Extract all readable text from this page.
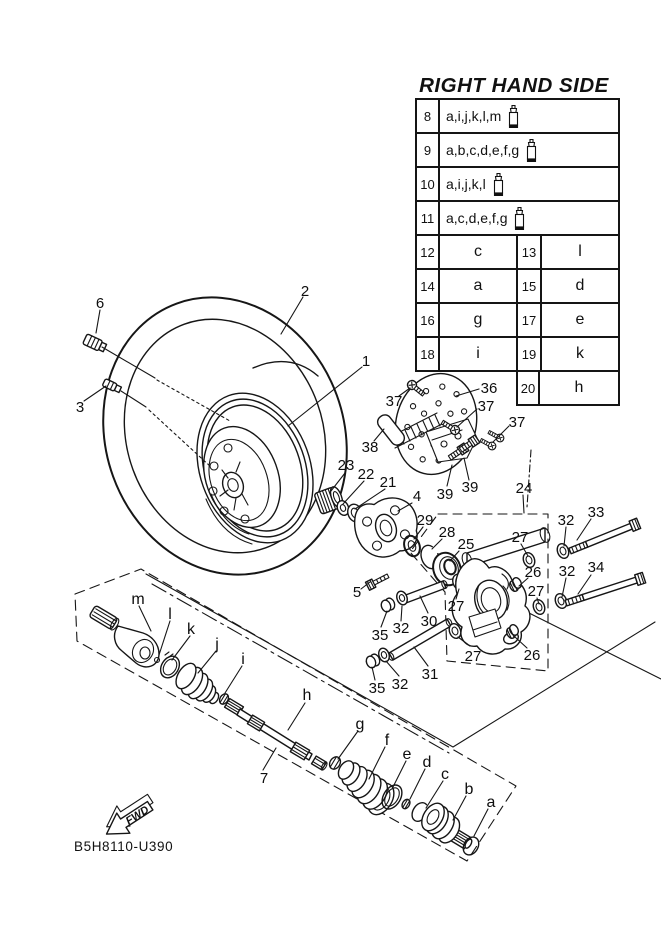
FWD
1
2
3
4
5
6
7
21
22
23
24
25
26
26
27
27
27
27
28
29
30
31
32
32
32
32
33
34
35
35
36
37	37
37
38
39 39
m
l
k
j
i
h
g
f
e d
c
b
a
RIGHT HAND SIDE
8	a,i,j,k,l,m
9	a,b,c,d,e,f,g
10 a,i,j,k,l
11 a,c,d,e,f,g
12	c	13	l
14	a	15	d
16	g	17	e
18	i	19	k
20	h
B5H8110-U390
